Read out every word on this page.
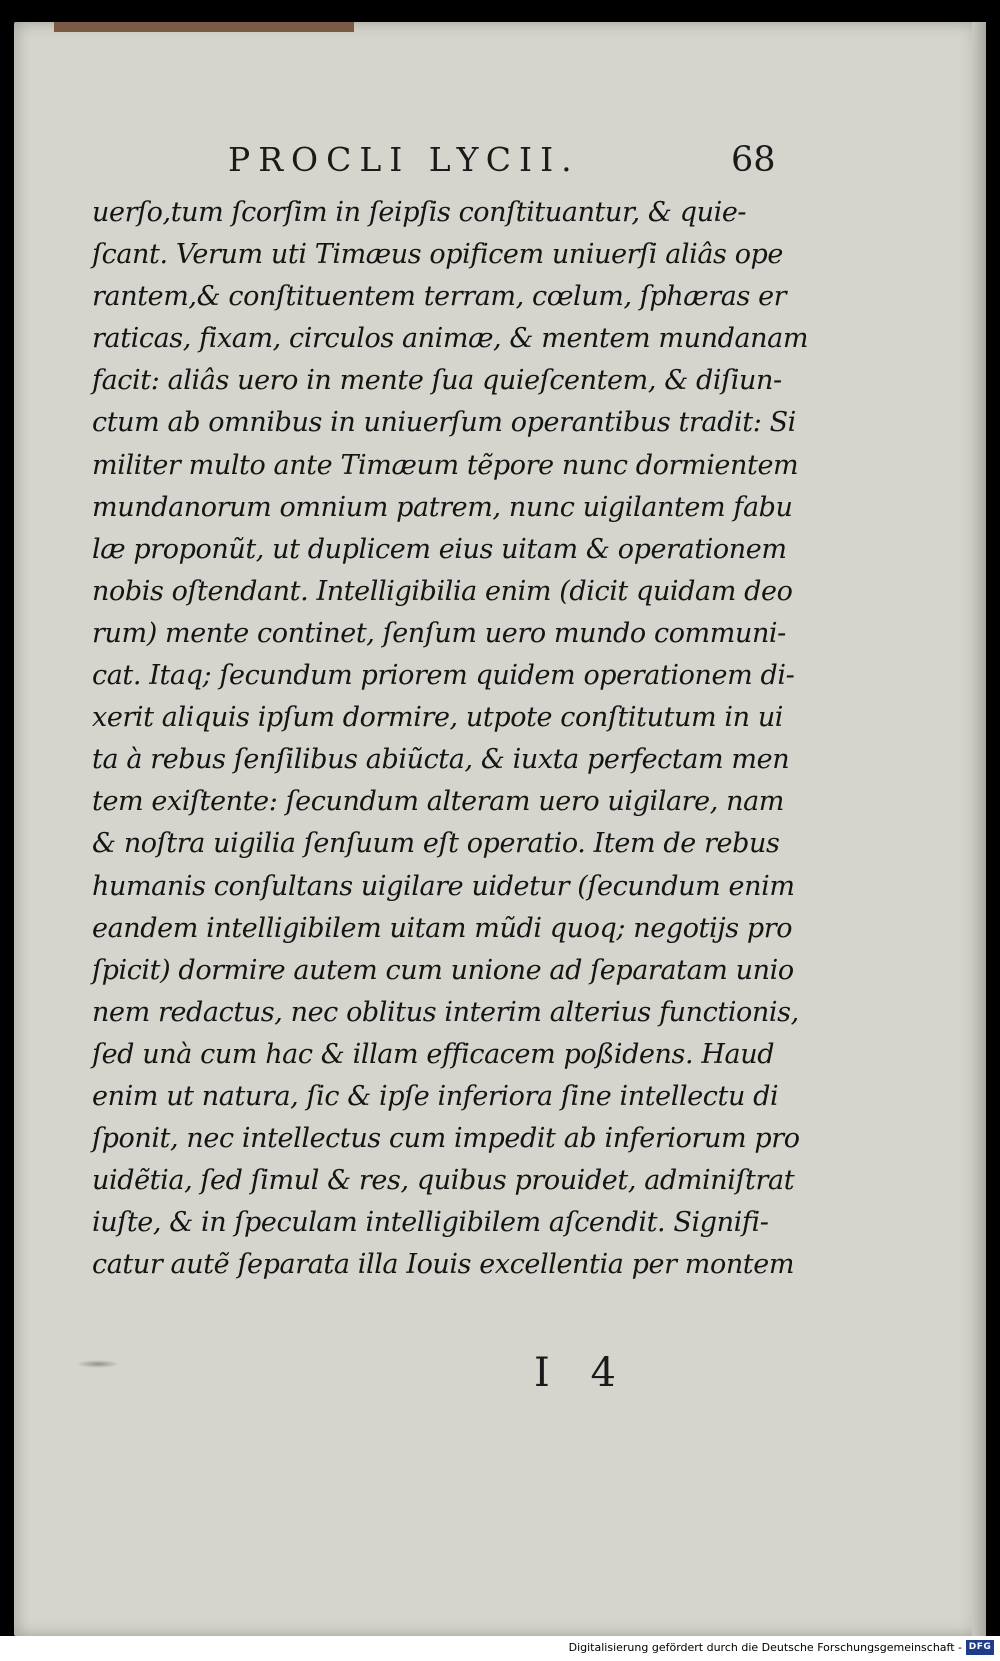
PROCLI LYCII.	68
uerſo,tum ſcorſim in ſeipſis conſtituantur, & quie-
ſcant. Verum uti Timæus opificem uniuerſi aliâs ope
rantem,& conſtituentem terram, cœlum, ſphæras er
raticas, fixam, circulos animæ, & mentem mundanam
facit: aliâs uero in mente ſua quieſcentem, & diſiun-
ctum ab omnibus in uniuerſum operantibus tradit: Si
militer multo ante Timæum tẽpore nunc dormientem
mundanorum omnium patrem, nunc uigilantem fabu
læ proponũt, ut duplicem eius uitam & operationem
nobis oſtendant. Intelligibilia enim (dicit quidam deo
rum) mente continet, ſenſum uero mundo communi-
cat. Itaq; ſecundum priorem quidem operationem di-
xerit aliquis ipſum dormire, utpote conſtitutum in ui
ta à rebus ſenſilibus abiũcta, & iuxta perfectam men
tem exiſtente: ſecundum alteram uero uigilare, nam
& noſtra uigilia ſenſuum eſt operatio. Item de rebus
humanis conſultans uigilare uidetur (ſecundum enim
eandem intelligibilem uitam mũdi quoq; negotijs pro
ſpicit) dormire autem cum unione ad ſeparatam unio
nem redactus, nec oblitus interim alterius functionis,
ſed unà cum hac & illam efficacem poßidens. Haud
enim ut natura, ſic & ipſe inferiora ſine intellectu di
ſponit, nec intellectus cum impedit ab inferiorum pro
uidẽtia, ſed ſimul & res, quibus prouidet, adminiſtrat
iuſte, & in ſpeculam intelligibilem aſcendit. Signifi-
catur autẽ ſeparata illa Iouis excellentia per montem
I 4
Digitalisierung gefördert durch die Deutsche Forschungsgemeinschaft - DFG
